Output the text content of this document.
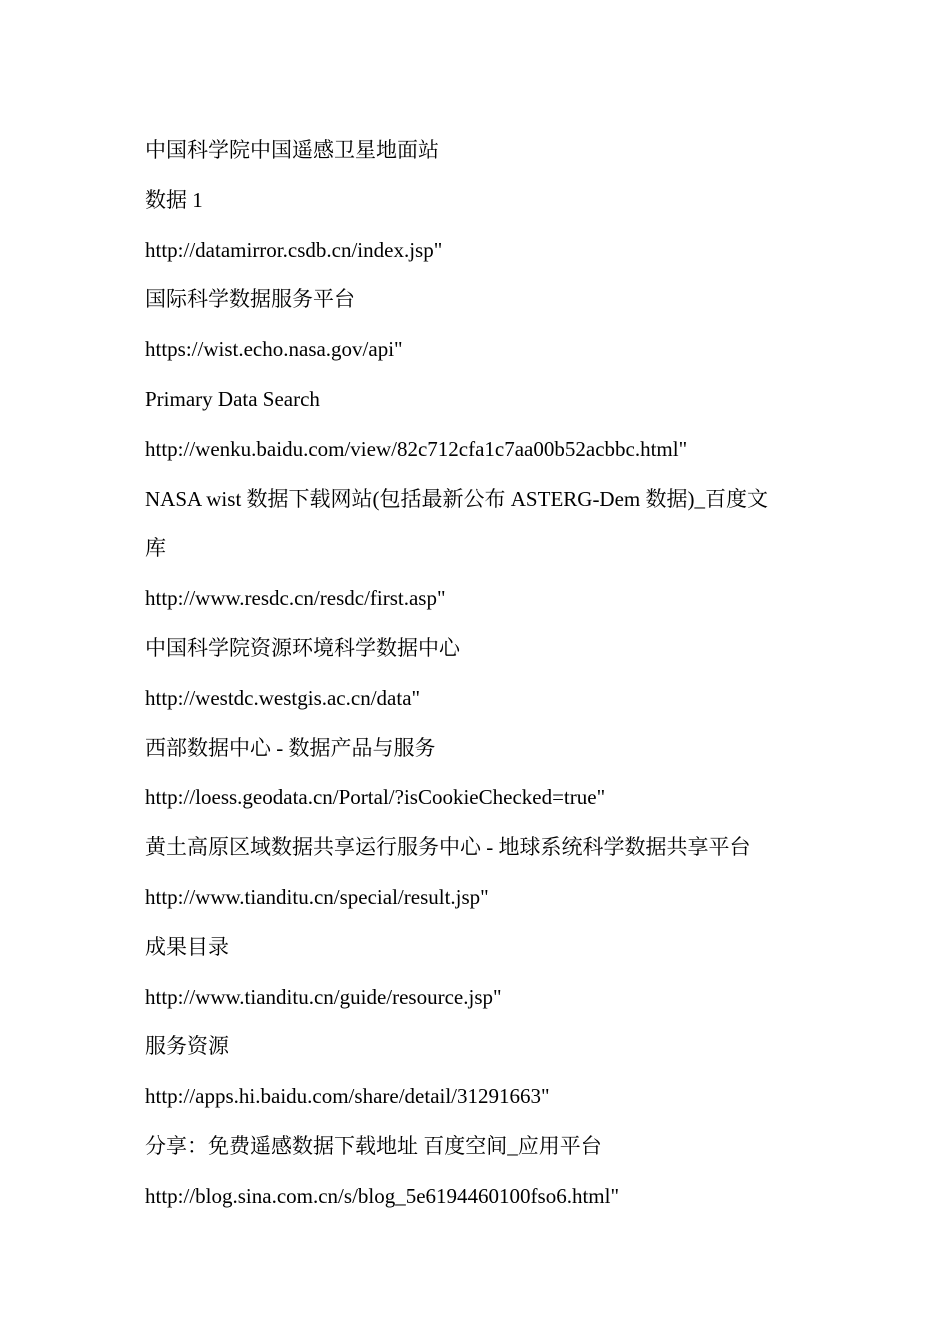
中国科学院中国遥感卫星地面站
数据 1
http://datamirror.csdb.cn/index.jsp"
国际科学数据服务平台
https://wist.echo.nasa.gov/api"
Primary Data Search
http://wenku.baidu.com/view/82c712cfa1c7aa00b52acbbc.html"
NASA wist 数据下载网站(包括最新公布 ASTERG-Dem 数据)_百度文
库
http://www.resdc.cn/resdc/first.asp"
中国科学院资源环境科学数据中心
http://westdc.westgis.ac.cn/data"
西部数据中心 - 数据产品与服务
http://loess.geodata.cn/Portal/?isCookieChecked=true"
黄土高原区域数据共享运行服务中心 - 地球系统科学数据共享平台
http://www.tianditu.cn/special/result.jsp"
成果目录
http://www.tianditu.cn/guide/resource.jsp"
服务资源
http://apps.hi.baidu.com/share/detail/31291663"
分享：免费遥感数据下载地址 百度空间_应用平台
http://blog.sina.com.cn/s/blog_5e6194460100fso6.html"
